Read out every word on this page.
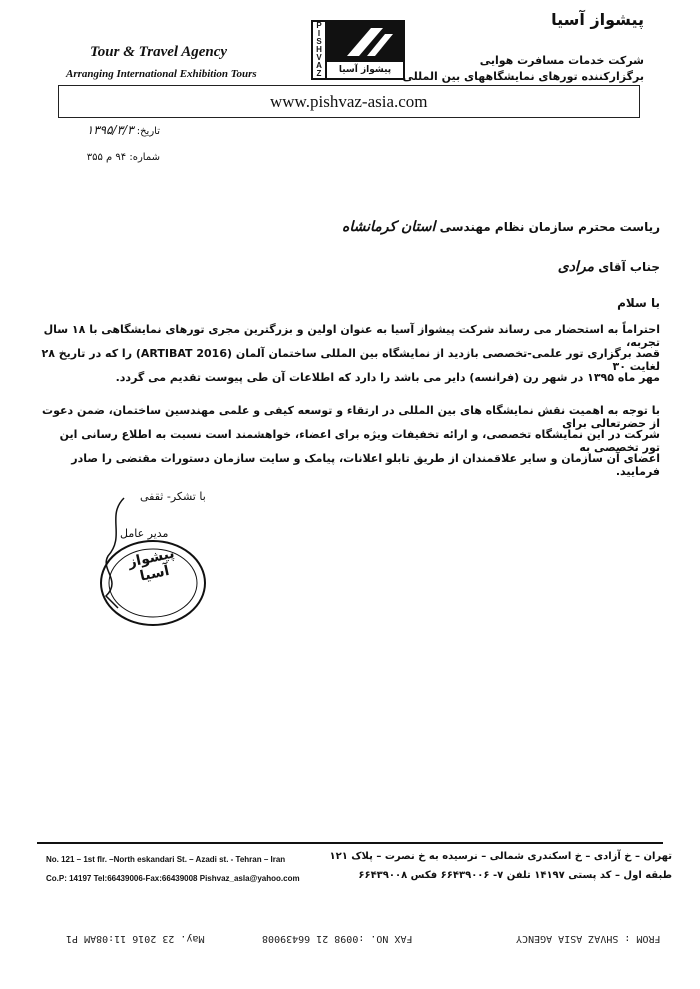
Tour & Travel Agency
Arranging International Exhibition Tours
P
I
S
H
V
A
Z	پیشواز آسیا
پیشواز آسیا
شرکت خدمات مسافرت هوایی
برگزارکننده تورهای نمایشگاههای بین المللی
www.pishvaz-asia.com
تاریخ: ۱۳۹۵/۳/۳
شماره: ۹۴ م ۳۵۵
ریاست محترم سازمان نظام مهندسی استان کرمانشاه
جناب آقای مرادی
با سلام
احتراماً به استحضار می رساند شرکت پیشواز آسیا به عنوان اولین و بزرگترین مجری تورهای نمایشگاهی با ۱۸ سال تجربه،
قصد برگزاری تور علمی-تخصصی بازدید از نمایشگاه بین المللی ساختمان آلمان (ARTIBAT 2016) را که در تاریخ ۲۸ لغایت ۳۰
مهر ماه ۱۳۹۵ در شهر رن (فرانسه) دایر می باشد را دارد که اطلاعات آن طی پیوست تقدیم می گردد.
با توجه به اهمیت نقش نمایشگاه های بین المللی در ارتقاء و توسعه کیفی و علمی مهندسین ساختمان، ضمن دعوت از حضرتعالی برای
شرکت در این نمایشگاه تخصصی، و ارائه تخفیفات ویژه برای اعضاء، خواهشمند است نسبت به اطلاع رسانی این تور تخصصی به
اعضای آن سازمان و سایر علاقمندان از طریق تابلو اعلانات، پیامک و سایت سازمان دستورات مقتضی را صادر فرمایید.
با تشکر- ثقفی
مدیر عامل
پیشواز آسیا
No. 121 – 1st flr. –North eskandari St. – Azadi st. - Tehran – Iran
Co.P: 14197 Tel:66439006-Fax:66439008 Pishvaz_asla@yahoo.com
تهران – خ آزادی – خ اسکندری شمالی – نرسیده به خ نصرت – پلاک ۱۲۱
طبقه اول – کد پستی ۱۴۱۹۷ تلفن ۷- ۶۶۴۳۹۰۰۶ فکس ۶۶۴۳۹۰۰۸
FROM : SHVAZ ASIA AGENCY
FAX NO. :0098 21 66439008
May. 23 2016 11:08AM P1
